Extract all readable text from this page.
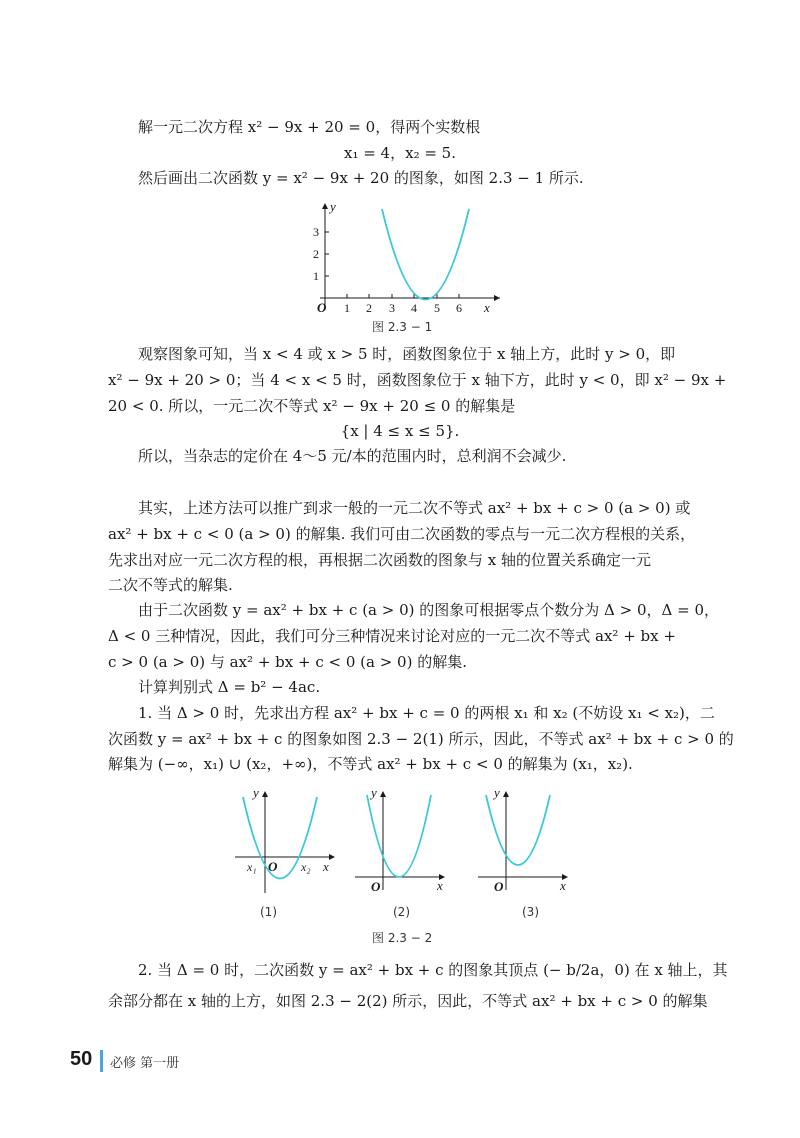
解一元二次方程 x² − 9x + 20 = 0，得两个实数根
x₁ = 4，x₂ = 5.
然后画出二次函数 y = x² − 9x + 20 的图象，如图 2.3 − 1 所示.
1 2 3 4 5 6
1
2
3
O	x
y
图 2.3 − 1
观察图象可知，当 x < 4 或 x > 5 时，函数图象位于 x 轴上方，此时 y > 0，即
x² − 9x + 20 > 0；当 4 < x < 5 时，函数图象位于 x 轴下方，此时 y < 0，即 x² − 9x +
20 < 0. 所以，一元二次不等式 x² − 9x + 20 ≤ 0 的解集是
{x | 4 ≤ x ≤ 5}.
所以，当杂志的定价在 4～5 元/本的范围内时，总利润不会减少.
其实，上述方法可以推广到求一般的一元二次不等式 ax² + bx + c > 0 (a > 0) 或
ax² + bx + c < 0 (a > 0) 的解集. 我们可由二次函数的零点与一元二次方程根的关系，
先求出对应一元二次方程的根，再根据二次函数的图象与 x 轴的位置关系确定一元
二次不等式的解集.
由于二次函数 y = ax² + bx + c (a > 0) 的图象可根据零点个数分为 Δ > 0，Δ = 0，
Δ < 0 三种情况，因此，我们可分三种情况来讨论对应的一元二次不等式 ax² + bx +
c > 0 (a > 0) 与 ax² + bx + c < 0 (a > 0) 的解集.
计算判别式 Δ = b² − 4ac.
1. 当 Δ > 0 时，先求出方程 ax² + bx + c = 0 的两根 x₁ 和 x₂ (不妨设 x₁ < x₂)，二
次函数 y = ax² + bx + c 的图象如图 2.3 − 2(1) 所示，因此，不等式 ax² + bx + c > 0 的
解集为 (−∞，x₁) ∪ (x₂，+∞)，不等式 ax² + bx + c < 0 的解集为 (x₁，x₂).
y
x
O
x₁	x₂
y
x
O
y
x
O
(1)	(2)	(3)
图 2.3 − 2
2. 当 Δ = 0 时，二次函数 y = ax² + bx + c 的图象其顶点 (− b/2a，0) 在 x 轴上，其
余部分都在 x 轴的上方，如图 2.3 − 2(2) 所示，因此，不等式 ax² + bx + c > 0 的解集
50 必修 第一册
